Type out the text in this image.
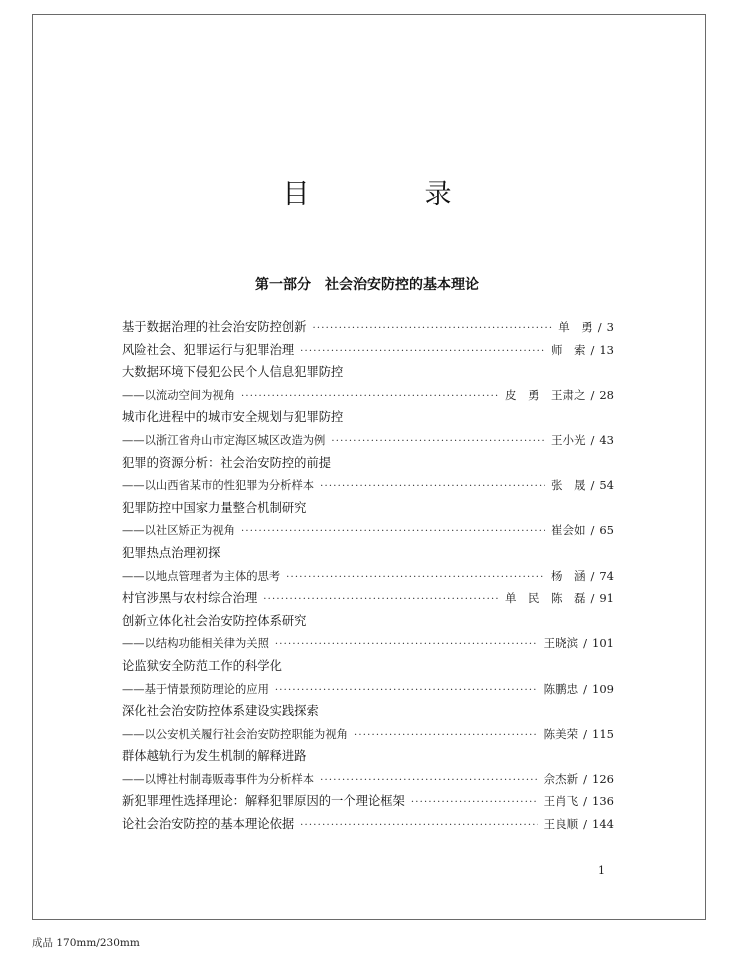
目　录
第一部分　社会治安防控的基本理论
基于数据治理的社会治安防控创新 ·····	单　勇 / 3
风险社会、犯罪运行与犯罪治理 ·····	师　索 / 13
大数据环境下侵犯公民个人信息犯罪防控
——以流动空间为视角 ·····	皮　勇　王肃之 / 28
城市化进程中的城市安全规划与犯罪防控
——以浙江省舟山市定海区城区改造为例 ·····	王小光 / 43
犯罪的资源分析：社会治安防控的前提
——以山西省某市的性犯罪为分析样本 ·····	张　晟 / 54
犯罪防控中国家力量整合机制研究
——以社区矫正为视角 ·····	崔会如 / 65
犯罪热点治理初探
——以地点管理者为主体的思考 ·····	杨　涵 / 74
村官涉黑与农村综合治理 ·····	单　民　陈　磊 / 91
创新立体化社会治安防控体系研究
——以结构功能相关律为关照 ·····	王晓滨 / 101
论监狱安全防范工作的科学化
——基于情景预防理论的应用 ·····	陈鹏忠 / 109
深化社会治安防控体系建设实践探索
——以公安机关履行社会治安防控职能为视角 ·····	陈美荣 / 115
群体越轨行为发生机制的解释进路
——以博社村制毒贩毒事件为分析样本 ·····	佘杰新 / 126
新犯罪理性选择理论：解释犯罪原因的一个理论框架 ·····	王肖飞 / 136
论社会治安防控的基本理论依据 ·····	王良顺 / 144
1
成品 170mm/230mm
